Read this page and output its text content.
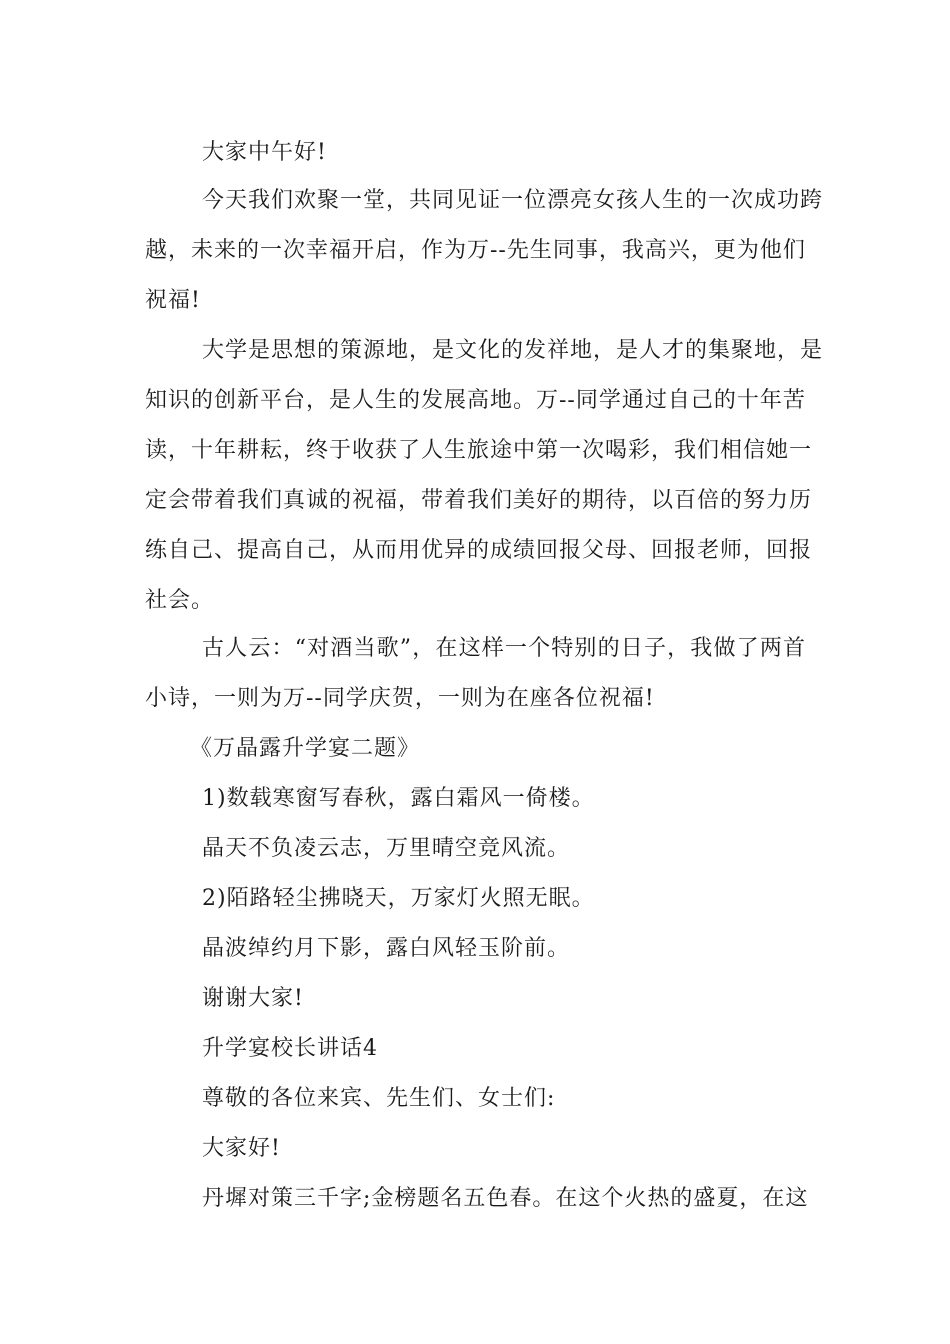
大家中午好!
今天我们欢聚一堂，共同见证一位漂亮女孩人生的一次成功跨
越，未来的一次幸福开启，作为万--先生同事，我高兴，更为他们
祝福!
大学是思想的策源地，是文化的发祥地，是人才的集聚地，是
知识的创新平台，是人生的发展高地。万--同学通过自己的十年苦
读，十年耕耘，终于收获了人生旅途中第一次喝彩，我们相信她一
定会带着我们真诚的祝福，带着我们美好的期待，以百倍的努力历
练自己、提高自己，从而用优异的成绩回报父母、回报老师，回报
社会。
古人云：“对酒当歌”，在这样一个特别的日子，我做了两首
小诗，一则为万--同学庆贺，一则为在座各位祝福!
《万晶露升学宴二题》
1)数载寒窗写春秋，露白霜风一倚楼。
晶天不负凌云志，万里晴空竞风流。
2)陌路轻尘拂晓天，万家灯火照无眠。
晶波绰约月下影，露白风轻玉阶前。
谢谢大家!
升学宴校长讲话4
尊敬的各位来宾、先生们、女士们:
大家好!
丹墀对策三千字;金榜题名五色春。在这个火热的盛夏，在这
